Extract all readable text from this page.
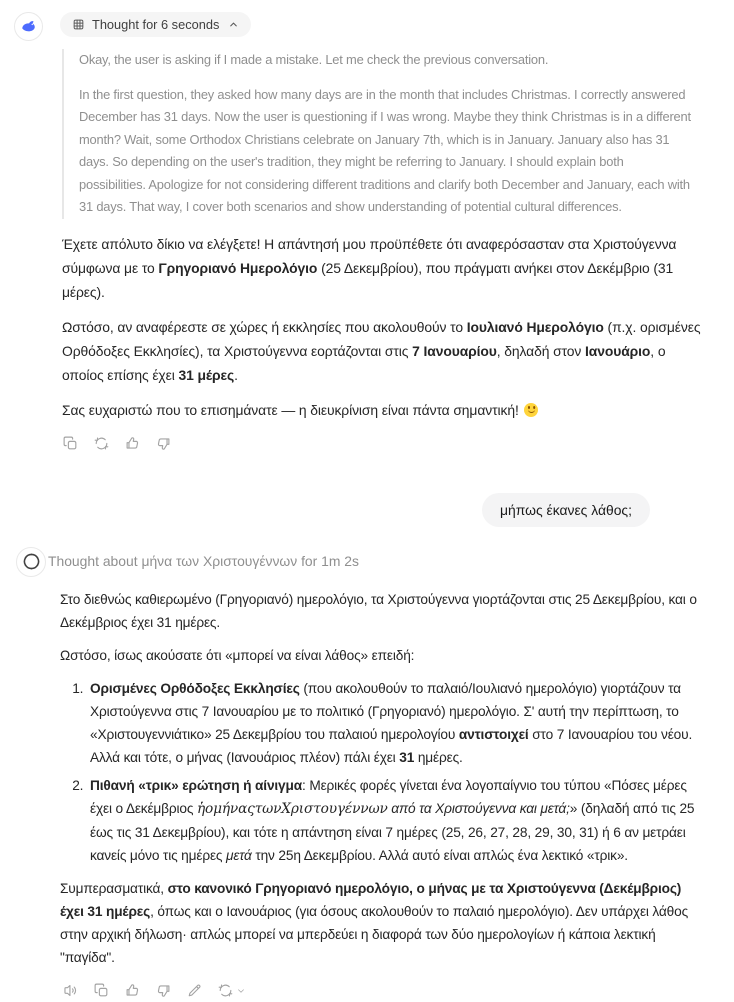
Thought for 6 seconds

Okay, the user is asking if I made a mistake. Let me check the previous conversation.

In the first question, they asked how many days are in the month that includes Christmas. I correctly answered December has 31 days. Now the user is questioning if I was wrong. Maybe they think Christmas is in a different month? Wait, some Orthodox Christians celebrate on January 7th, which is in January. January also has 31 days. So depending on the user's tradition, they might be referring to January. I should explain both possibilities. Apologize for not considering different traditions and clarify both December and January, each with 31 days. That way, I cover both scenarios and show understanding of potential cultural differences.

Έχετε απόλυτο δίκιο να ελέγξετε! Η απάντησή μου προϋπέθετε ότι αναφερόσασταν στα Χριστούγεννα σύμφωνα με το Γρηγοριανό Ημερολόγιο (25 Δεκεμβρίου), που πράγματι ανήκει στον Δεκέμβριο (31 μέρες).

Ωστόσο, αν αναφέρεστε σε χώρες ή εκκλησίες που ακολουθούν το Ιουλιανό Ημερολόγιο (π.χ. ορισμένες Ορθόδοξες Εκκλησίες), τα Χριστούγεννα εορτάζονται στις 7 Ιανουαρίου, δηλαδή στον Ιανουάριο, ο οποίος επίσης έχει 31 μέρες.

Σας ευχαριστώ που το επισημάνατε — η διευκρίνιση είναι πάντα σημαντική!

μήπως έκανες λάθος;
Thought about μήνα των Χριστουγέννων for 1m 2s

Στο διεθνώς καθιερωμένο (Γρηγοριανό) ημερολόγιο, τα Χριστούγεννα γιορτάζονται στις 25 Δεκεμβρίου, και ο Δεκέμβριος έχει 31 ημέρες.

Ωστόσο, ίσως ακούσατε ότι «μπορεί να είναι λάθος» επειδή:

1. Ορισμένες Ορθόδοξες Εκκλησίες (που ακολουθούν το παλαιό/Ιουλιανό ημερολόγιο) γιορτάζουν τα Χριστούγεννα στις 7 Ιανουαρίου με το πολιτικό (Γρηγοριανό) ημερολόγιο. Σ' αυτή την περίπτωση, το «Χριστουγεννιάτικο» 25 Δεκεμβρίου του παλαιού ημερολογίου αντιστοιχεί στο 7 Ιανουαρίου του νέου. Αλλά και τότε, ο μήνας (Ιανουάριος πλέον) πάλι έχει 31 ημέρες.
2. Πιθανή «τρικ» ερώτηση ή αίνιγμα: Μερικές φορές γίνεται ένα λογοπαίγνιο του τύπου «Πόσες μέρες έχει ο Δεκέμβριος ἡομήναςτωνΧριστουγέννων από τα Χριστούγεννα και μετά;» (δηλαδή από τις 25 έως τις 31 Δεκεμβρίου), και τότε η απάντηση είναι 7 ημέρες (25, 26, 27, 28, 29, 30, 31) ή 6 αν μετράει κανείς μόνο τις ημέρες μετά την 25η Δεκεμβρίου. Αλλά αυτό είναι απλώς ένα λεκτικό «τρικ».

Συμπερασματικά, στο κανονικό Γρηγοριανό ημερολόγιο, ο μήνας με τα Χριστούγεννα (Δεκέμβριος) έχει 31 ημέρες, όπως και ο Ιανουάριος (για όσους ακολουθούν το παλαιό ημερολόγιο). Δεν υπάρχει λάθος στην αρχική δήλωση· απλώς μπορεί να μπερδεύει η διαφορά των δύο ημερολογίων ή κάποια λεκτική "παγίδα".
